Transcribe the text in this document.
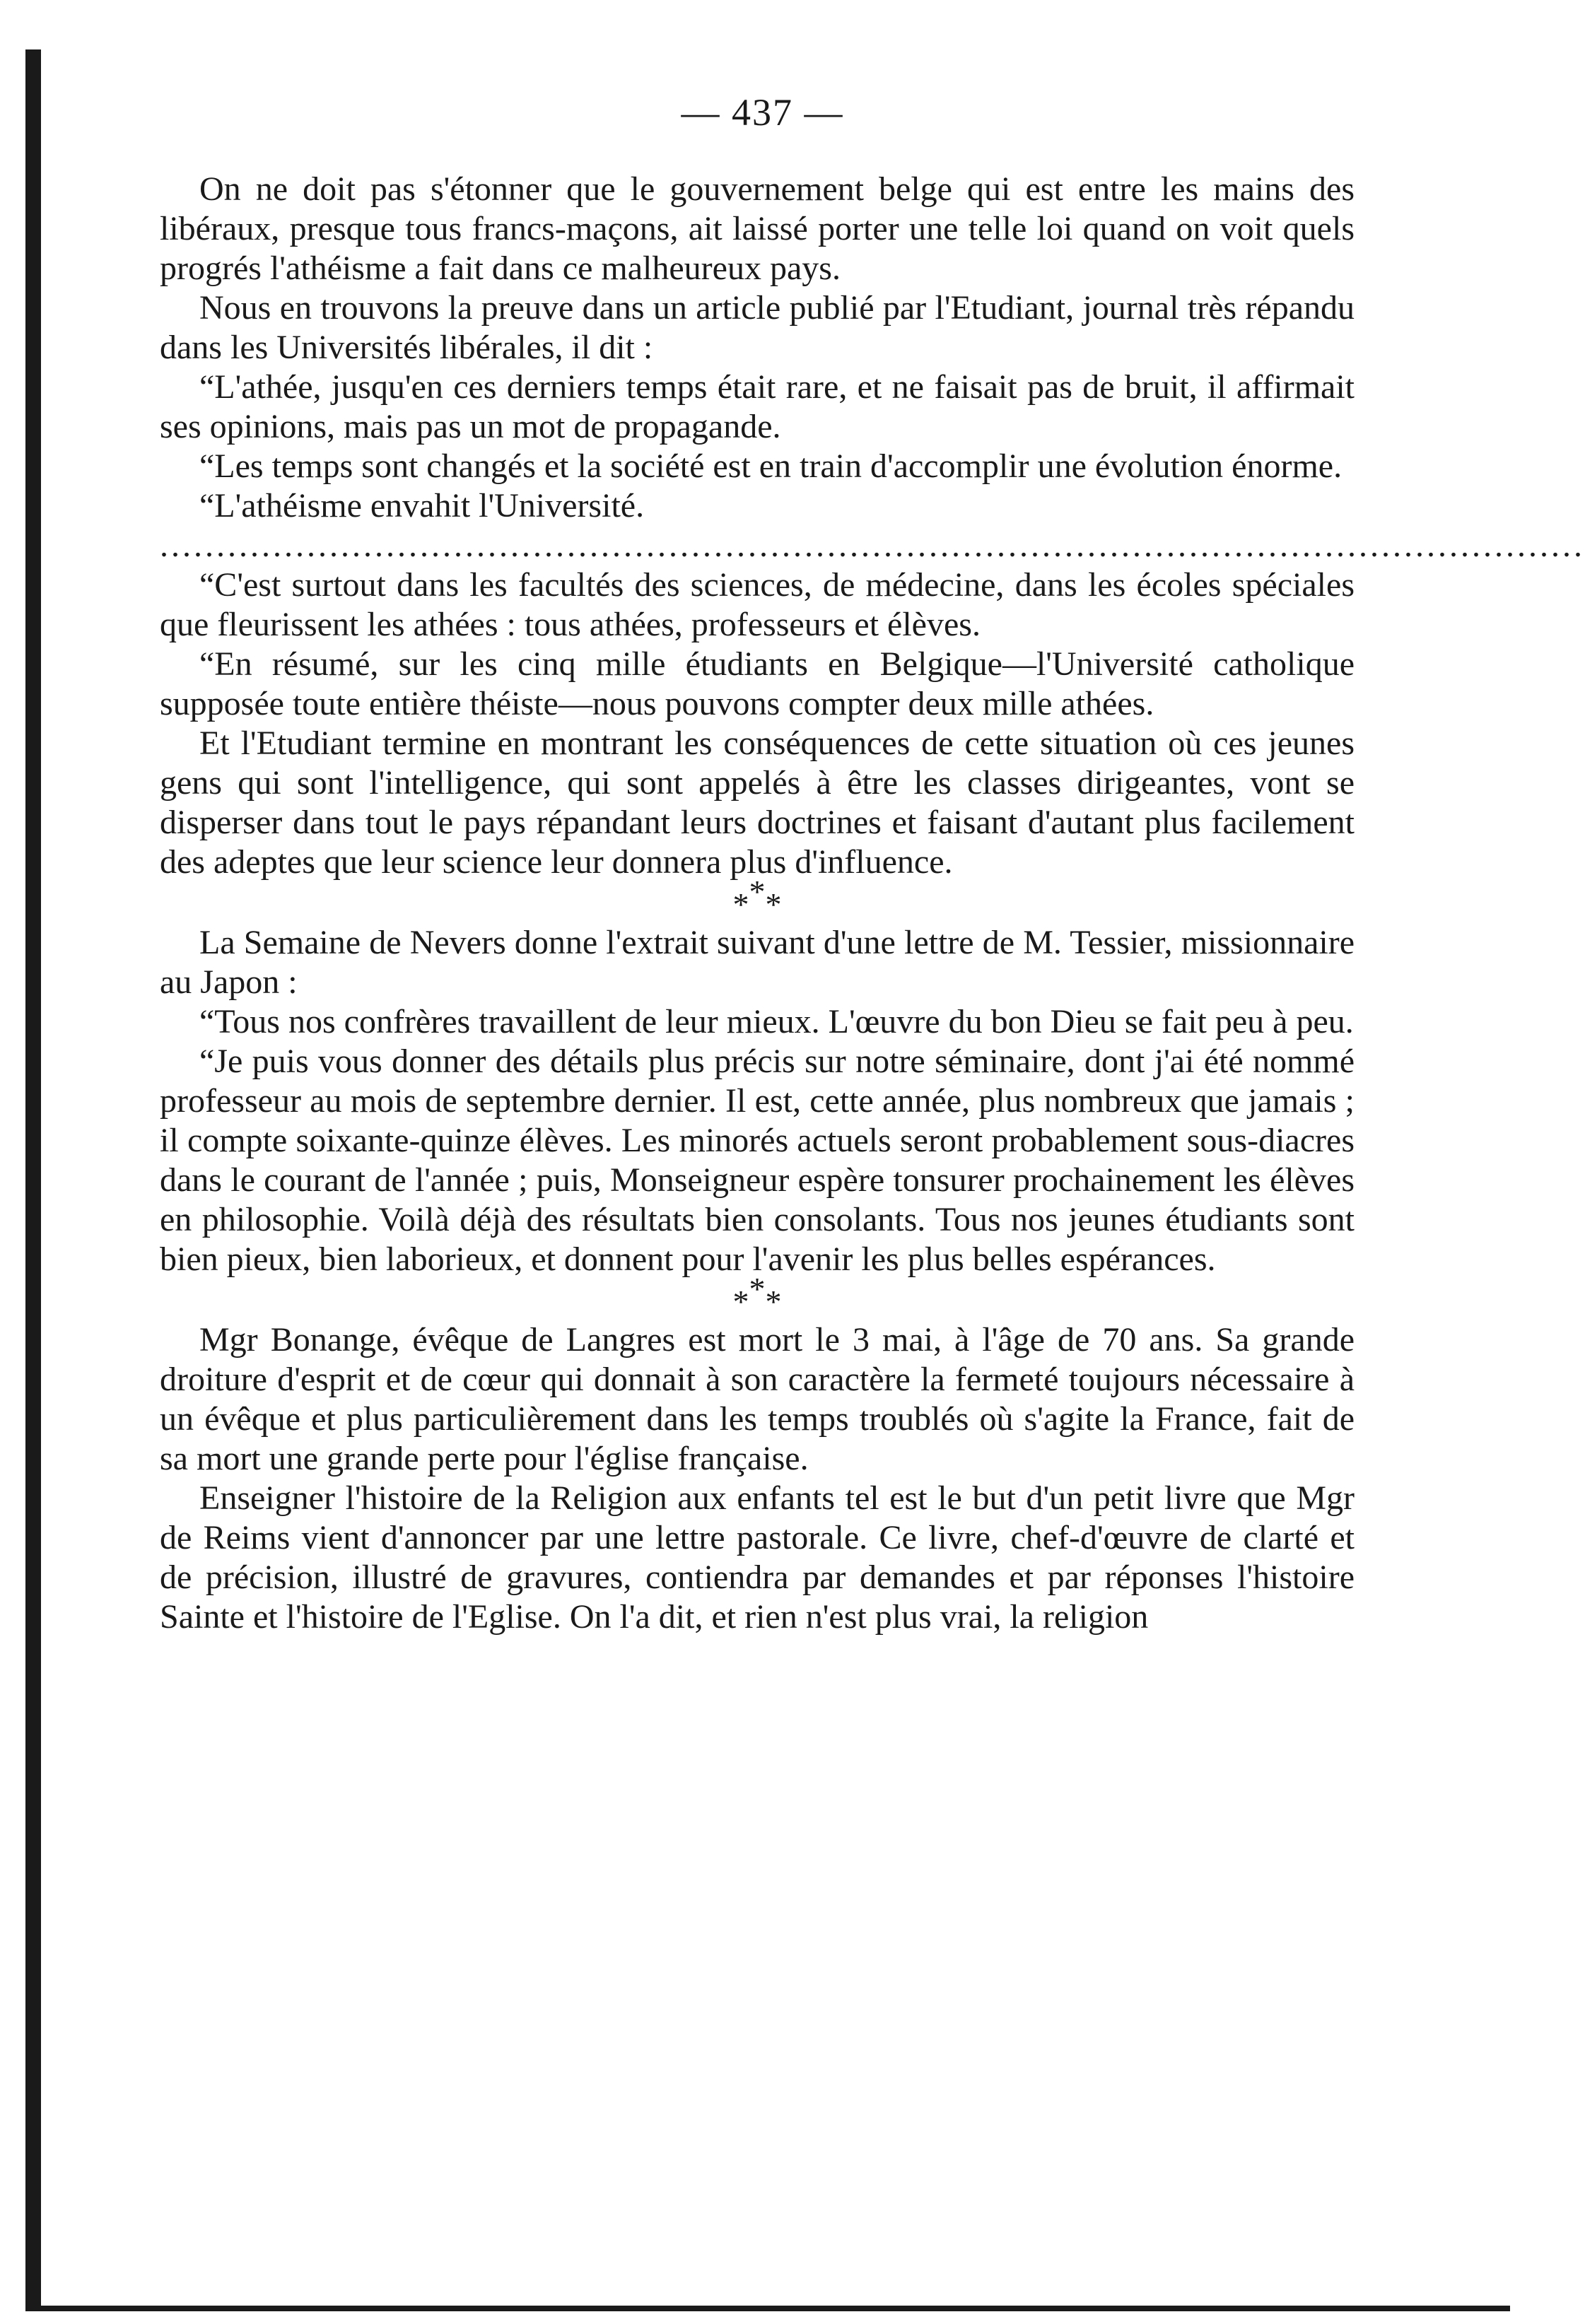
— 437 —

On ne doit pas s'étonner que le gouvernement belge qui est entre les mains des libéraux, presque tous francs-maçons, ait laissé porter une telle loi quand on voit quels progrés l'athéisme a fait dans ce malheureux pays.

Nous en trouvons la preuve dans un article publié par l'Etudiant, journal très répandu dans les Universités libérales, il dit :

“L'athée, jusqu'en ces derniers temps était rare, et ne faisait pas de bruit, il affirmait ses opinions, mais pas un mot de propagande.

“Les temps sont changés et la société est en train d'accomplir une évolution énorme.

“L'athéisme envahit l'Université.

..............................................................................................................................

“C'est surtout dans les facultés des sciences, de médecine, dans les écoles spéciales que fleurissent les athées : tous athées, professeurs et élèves.

“En résumé, sur les cinq mille étudiants en Belgique—l'Université catholique supposée toute entière théiste—nous pouvons compter deux mille athées.

Et l'Etudiant termine en montrant les conséquences de cette situation où ces jeunes gens qui sont l'intelligence, qui sont appelés à être les classes dirigeantes, vont se disperser dans tout le pays répandant leurs doctrines et faisant d'autant plus facilement des adeptes que leur science leur donnera plus d'influence.

***

La Semaine de Nevers donne l'extrait suivant d'une lettre de M. Tessier, missionnaire au Japon :

“Tous nos confrères travaillent de leur mieux. L'œuvre du bon Dieu se fait peu à peu.

“Je puis vous donner des détails plus précis sur notre séminaire, dont j'ai été nommé professeur au mois de septembre dernier. Il est, cette année, plus nombreux que jamais ; il compte soixante-quinze élèves. Les minorés actuels seront probablement sous-diacres dans le courant de l'année ; puis, Monseigneur espère tonsurer prochainement les élèves en philosophie. Voilà déjà des résultats bien consolants. Tous nos jeunes étudiants sont bien pieux, bien laborieux, et donnent pour l'avenir les plus belles espérances.

***

Mgr Bonange, évêque de Langres est mort le 3 mai, à l'âge de 70 ans. Sa grande droiture d'esprit et de cœur qui donnait à son caractère la fermeté toujours nécessaire à un évêque et plus particulièrement dans les temps troublés où s'agite la France, fait de sa mort une grande perte pour l'église française.

Enseigner l'histoire de la Religion aux enfants tel est le but d'un petit livre que Mgr de Reims vient d'annoncer par une lettre pastorale. Ce livre, chef-d'œuvre de clarté et de précision, illustré de gravures, contiendra par demandes et par réponses l'histoire Sainte et l'histoire de l'Eglise. On l'a dit, et rien n'est plus vrai, la religion
